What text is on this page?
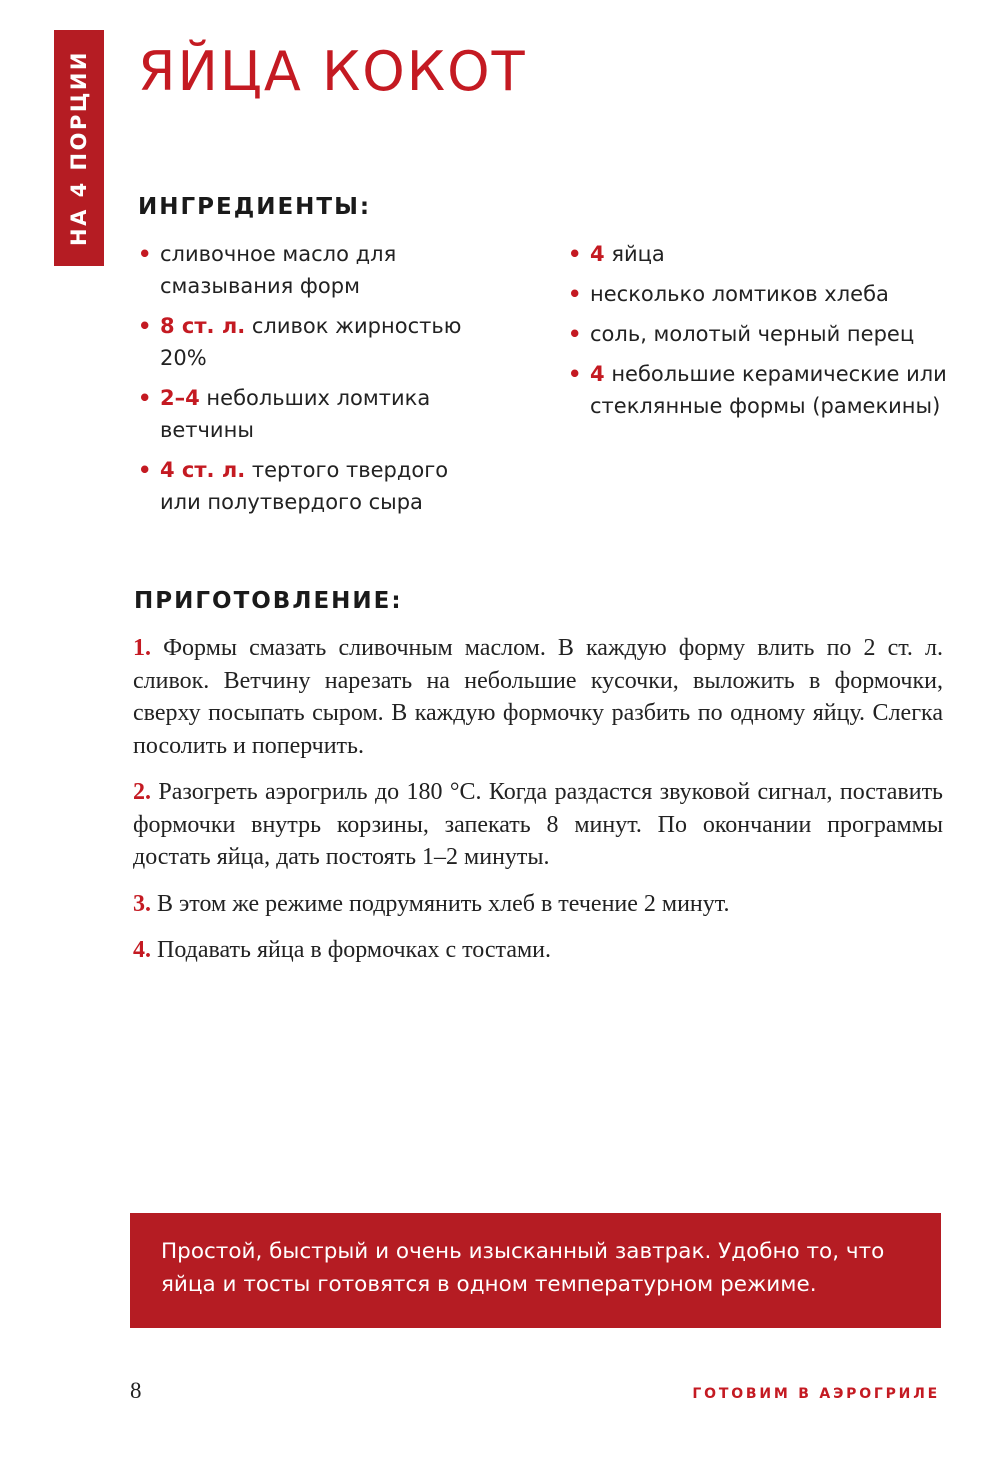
НА 4 ПОРЦИИ ЯЙЦА КОКОТ
ИНГРЕДИЕНТЫ:
• сливочное масло для смазывания форм
• 8 ст. л. сливок жирностью 20%
• 2–4 небольших ломтика ветчины
• 4 ст. л. тертого твердого или полутвердого сыра
• 4 яйца
• несколько ломтиков хлеба
• соль, молотый черный перец
• 4 небольшие керамические или стеклянные формы (рамекины)
ПРИГОТОВЛЕНИЕ:

1. Формы смазать сливочным маслом. В каждую форму влить по 2 ст. л. сливок. Ветчину нарезать на небольшие кусочки, выложить в формочки, сверху посыпать сыром. В каждую формочку разбить по одному яйцу. Слегка посолить и поперчить.

2. Разогреть аэрогриль до 180 °C. Когда раздастся звуковой сигнал, поставить формочки внутрь корзины, запекать 8 минут. По окончании программы достать яйца, дать постоять 1–2 минуты.

3. В этом же режиме подрумянить хлеб в течение 2 минут.

4. Подавать яйца в формочках с тостами.

Простой, быстрый и очень изысканный завтрак. Удобно то, что яйца и тосты готовятся в одном температурном режиме.

8	ГОТОВИМ В АЭРОГРИЛЕ
